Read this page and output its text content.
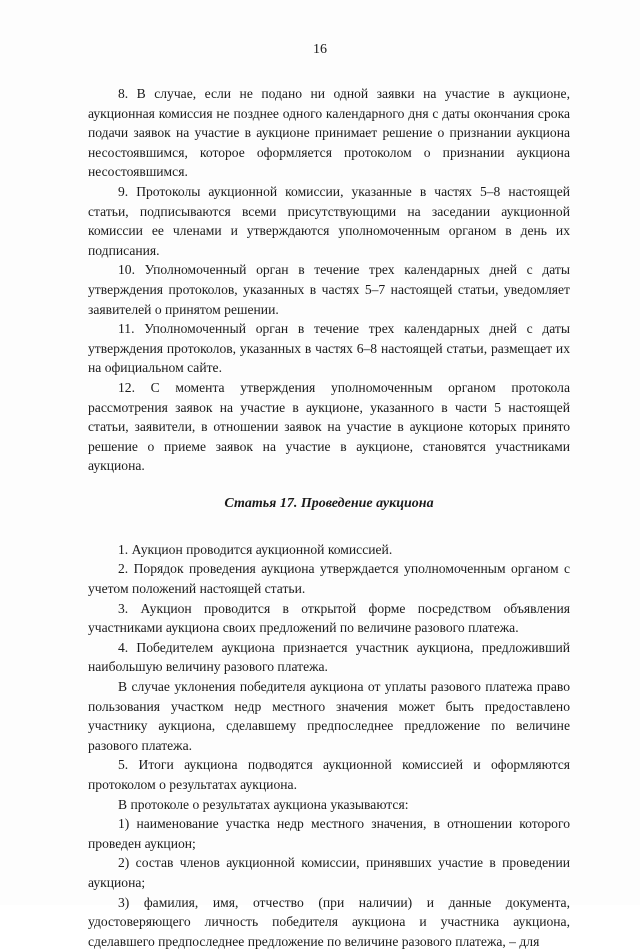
16

8. В случае, если не подано ни одной заявки на участие в аукционе, аукционная комиссия не позднее одного календарного дня с даты окончания срока подачи заявок на участие в аукционе принимает решение о признании аукциона несостоявшимся, которое оформляется протоколом о признании аукциона несостоявшимся.

9. Протоколы аукционной комиссии, указанные в частях 5–8 настоящей статьи, подписываются всеми присутствующими на заседании аукционной комиссии ее членами и утверждаются уполномоченным органом в день их подписания.

10. Уполномоченный орган в течение трех календарных дней с даты утверждения протоколов, указанных в частях 5–7 настоящей статьи, уведомляет заявителей о принятом решении.

11. Уполномоченный орган в течение трех календарных дней с даты утверждения протоколов, указанных в частях 6–8 настоящей статьи, размещает их на официальном сайте.

12. С момента утверждения уполномоченным органом протокола рассмотрения заявок на участие в аукционе, указанного в части 5 настоящей статьи, заявители, в отношении заявок на участие в аукционе которых принято решение о приеме заявок на участие в аукционе, становятся участниками аукциона.

Статья 17. Проведение аукциона

1. Аукцион проводится аукционной комиссией.

2. Порядок проведения аукциона утверждается уполномоченным органом с учетом положений настоящей статьи.

3. Аукцион проводится в открытой форме посредством объявления участниками аукциона своих предложений по величине разового платежа.

4. Победителем аукциона признается участник аукциона, предложивший наибольшую величину разового платежа.

В случае уклонения победителя аукциона от уплаты разового платежа право пользования участком недр местного значения может быть предоставлено участнику аукциона, сделавшему предпоследнее предложение по величине разового платежа.

5. Итоги аукциона подводятся аукционной комиссией и оформляются протоколом о результатах аукциона.

В протоколе о результатах аукциона указываются:

1) наименование участка недр местного значения, в отношении которого проведен аукцион;

2) состав членов аукционной комиссии, принявших участие в проведении аукциона;

3) фамилия, имя, отчество (при наличии) и данные документа, удостоверяющего личность победителя аукциона и участника аукциона, сделавшего предпоследнее предложение по величине разового платежа, – для
